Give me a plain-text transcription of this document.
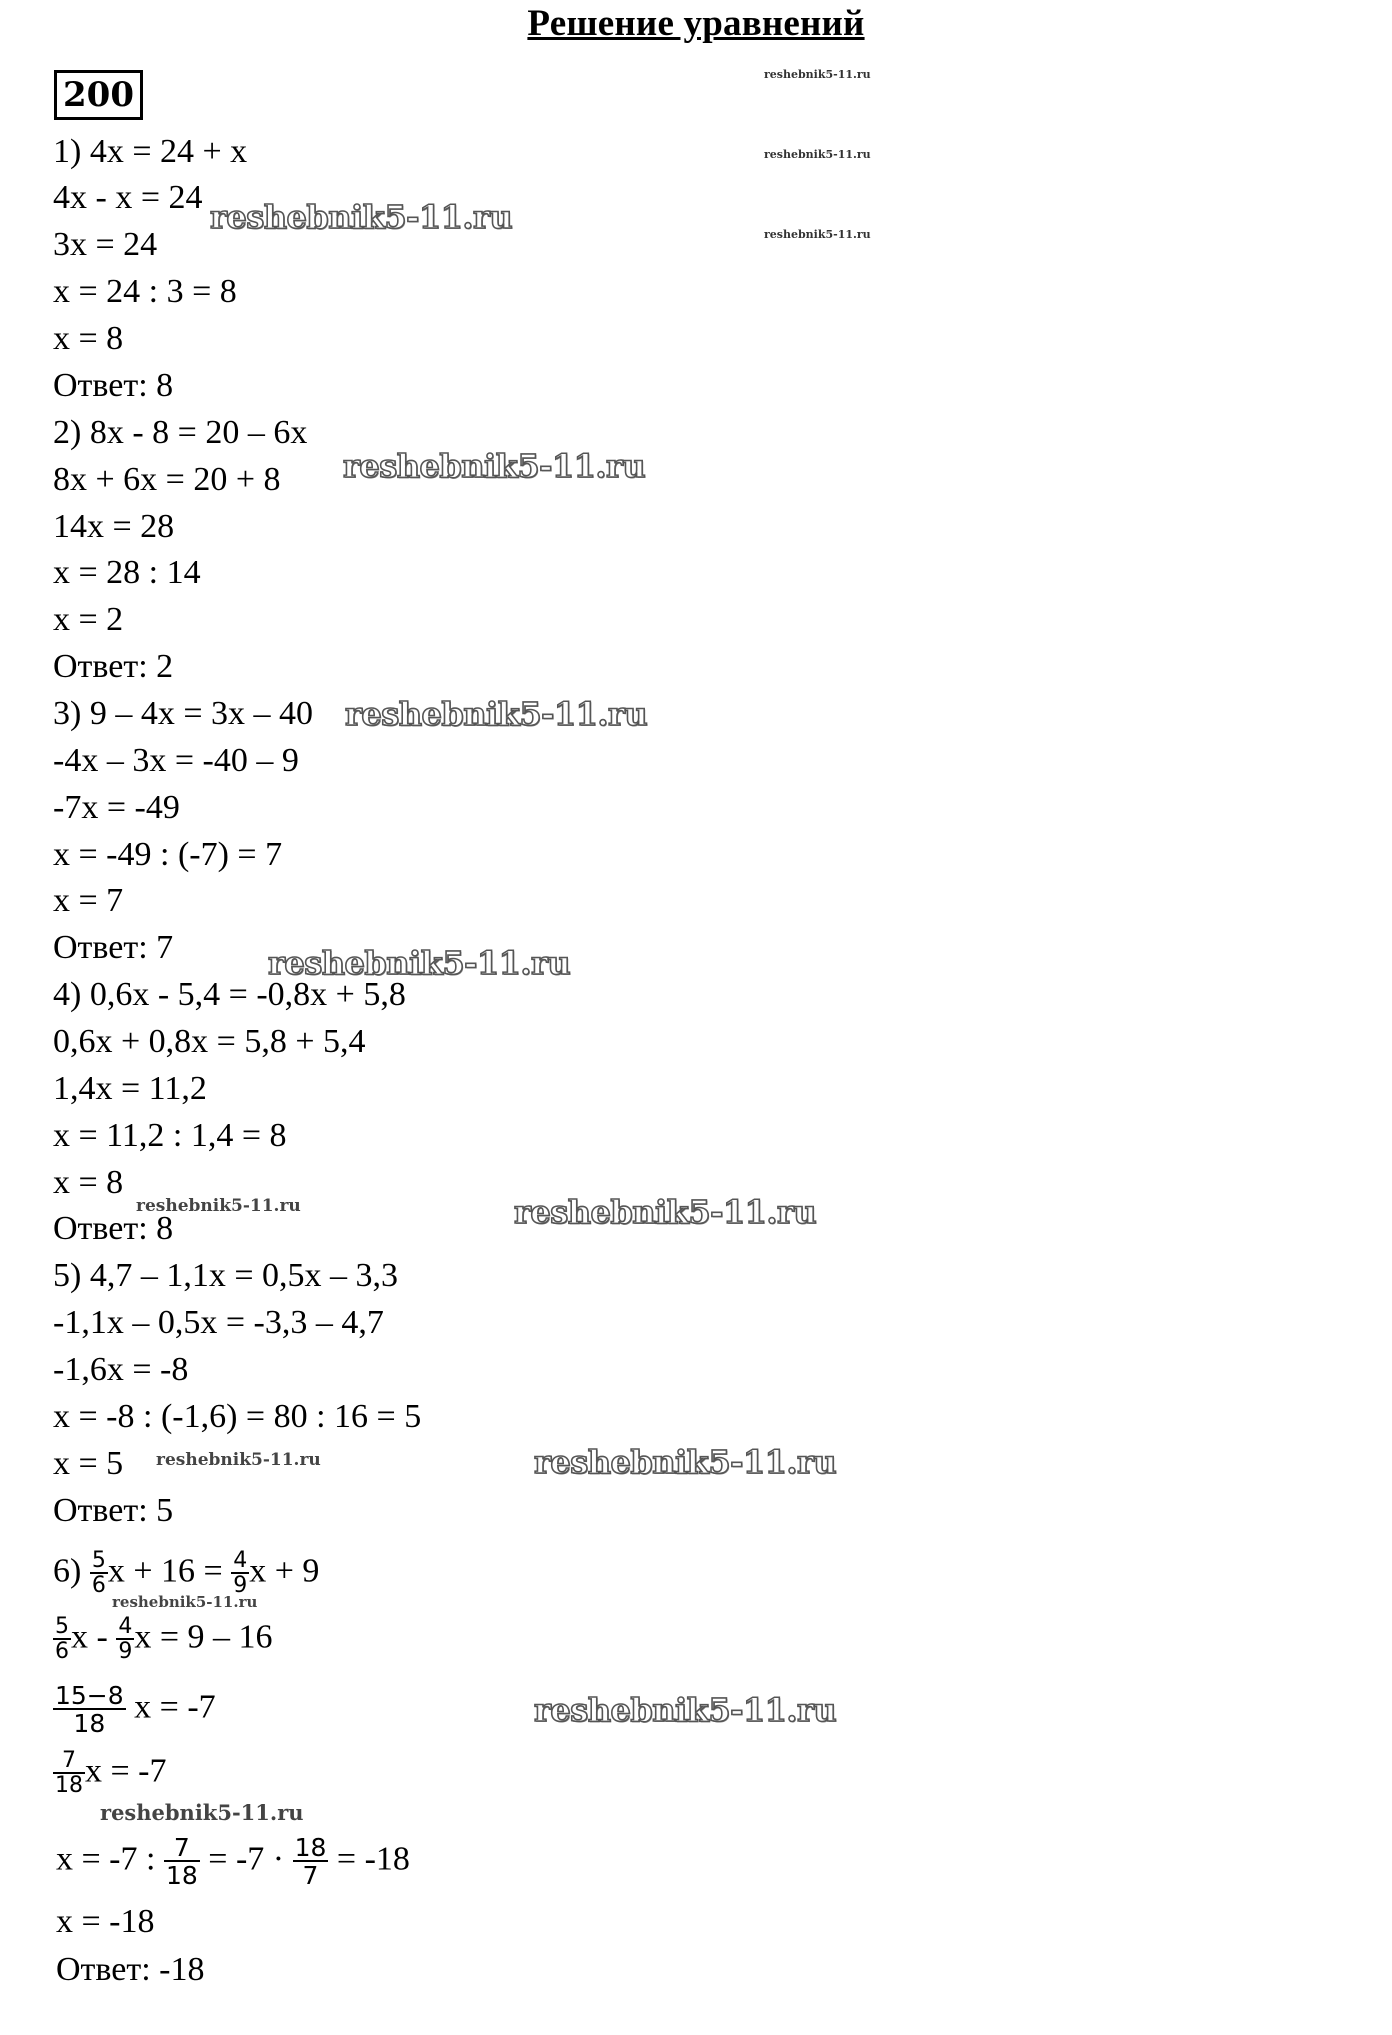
Решение уравнений
200
1) 4x = 24 + x
4x - x = 24
3x = 24
x = 24 : 3 = 8
x = 8
Ответ: 8
2) 8x - 8 = 20 – 6x
8x + 6x = 20 + 8
14x = 28
x = 28 : 14
x = 2
Ответ: 2
3) 9 – 4x = 3x – 40
-4x – 3x = -40 – 9
-7x = -49
x = -49 : (-7) = 7
x = 7
Ответ: 7
4) 0,6x - 5,4 = -0,8x + 5,8
0,6x + 0,8x = 5,8 + 5,4
1,4x = 11,2
x = 11,2 : 1,4 = 8
x = 8
Ответ: 8
5) 4,7 – 1,1x = 0,5x – 3,3
-1,1x – 0,5x = -3,3 – 4,7
-1,6x = -8
x = -8 : (-1,6) = 80 : 16 = 5
x = 5
Ответ: 5
$6) \frac{5}{6}$ $x + 16 = \frac{4}{9}$ x + 9
$\frac{5}{6}$ x - $\frac{4}{9}$ x = 9 – 16
$\frac{15-8}{18}$ x = -7
$\frac{7}{18}$ x = -7
x = -7 : $\frac{7}{18} = -7 \cdot \frac{18}{7} = -18$
x = -18
Ответ: -18
reshebnik5-11.ru
reshebnik5-11.ru
reshebnik5-11.ru
reshebnik5-11.ru
reshebnik5-11.ru
reshebnik5-11.ru
reshebnik5-11.ru
reshebnik5-11.ru	reshebnik5-11.ru
reshebnik5-11.ru	reshebnik5-11.ru
reshebnik5-11.ru
reshebnik5-11.ru
reshebnik5-11.ru
